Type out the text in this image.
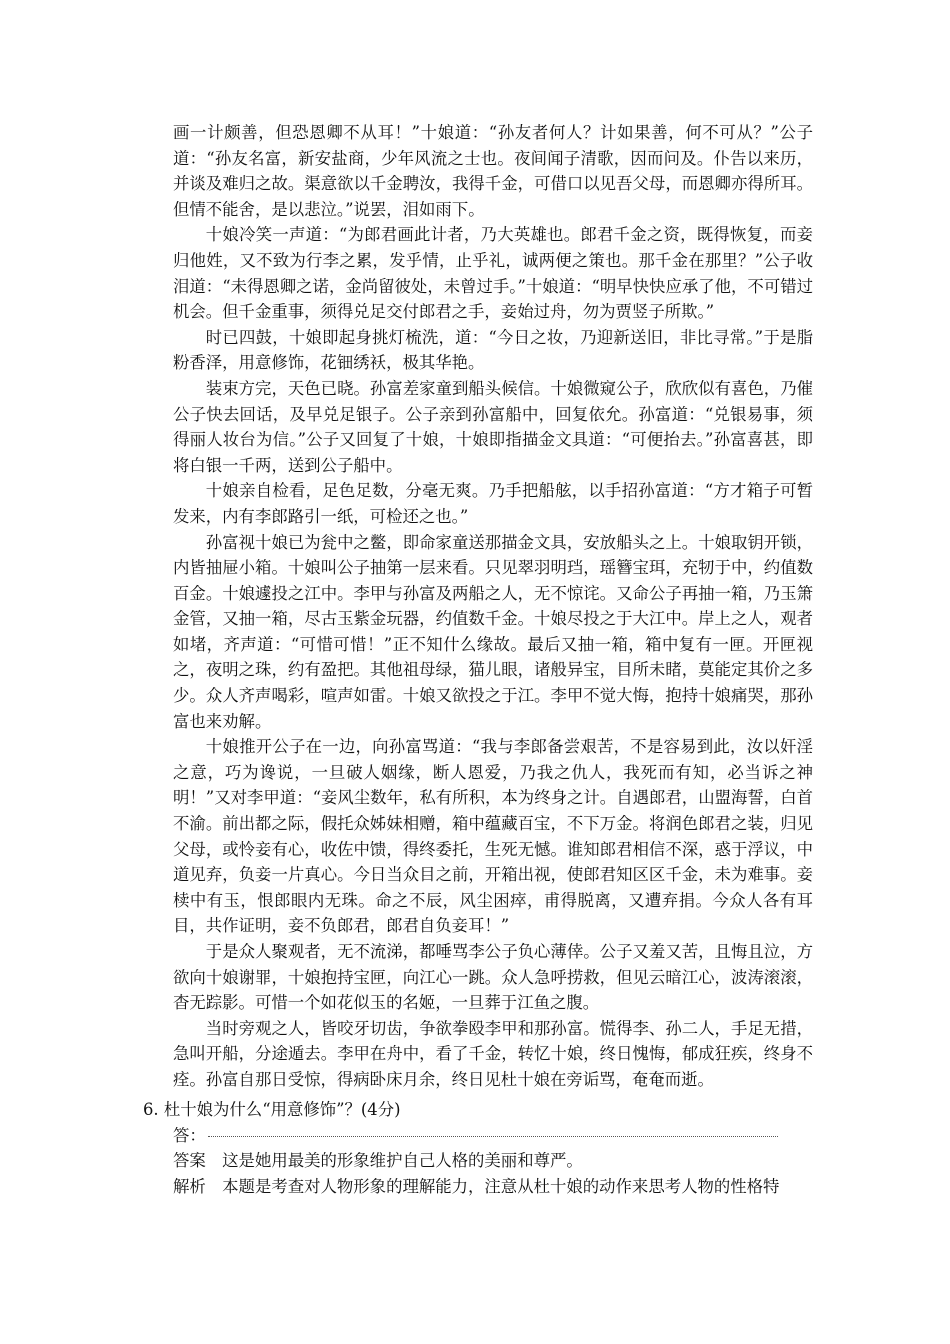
画一计颇善，但恐恩卿不从耳！”十娘道：“孙友者何人？计如果善，何不可从？”公子道：“孙友名富，新安盐商，少年风流之士也。夜间闻子清歌，因而问及。仆告以来历，并谈及难归之故。渠意欲以千金聘汝，我得千金，可借口以见吾父母，而恩卿亦得所耳。但情不能舍，是以悲泣。”说罢，泪如雨下。

十娘冷笑一声道：“为郎君画此计者，乃大英雄也。郎君千金之资，既得恢复，而妾归他姓，又不致为行李之累，发乎情，止乎礼，诚两便之策也。那千金在那里？”公子收泪道：“未得恩卿之诺，金尚留彼处，未曾过手。”十娘道：“明早快快应承了他，不可错过机会。但千金重事，须得兑足交付郎君之手，妾始过舟，勿为贾竖子所欺。”

时已四鼓，十娘即起身挑灯梳洗，道：“今日之妆，乃迎新送旧，非比寻常。”于是脂粉香泽，用意修饰，花钿绣袄，极其华艳。

装束方完，天色已晓。孙富差家童到船头候信。十娘微窥公子，欣欣似有喜色，乃催公子快去回话，及早兑足银子。公子亲到孙富船中，回复依允。孙富道：“兑银易事，须得丽人妆台为信。”公子又回复了十娘，十娘即指描金文具道：“可便抬去。”孙富喜甚，即将白银一千两，送到公子船中。

十娘亲自检看，足色足数，分毫无爽。乃手把船舷，以手招孙富道：“方才箱子可暂发来，内有李郎路引一纸，可检还之也。”

孙富视十娘已为瓮中之鳖，即命家童送那描金文具，安放船头之上。十娘取钥开锁，内皆抽屉小箱。十娘叫公子抽第一层来看。只见翠羽明珰，瑶簪宝珥，充牣于中，约值数百金。十娘遽投之江中。李甲与孙富及两船之人，无不惊诧。又命公子再抽一箱，乃玉箫金管，又抽一箱，尽古玉紫金玩器，约值数千金。十娘尽投之于大江中。岸上之人，观者如堵，齐声道：“可惜可惜！”正不知什么缘故。最后又抽一箱，箱中复有一匣。开匣视之，夜明之珠，约有盈把。其他祖母绿，猫儿眼，诸般异宝，目所未睹，莫能定其价之多少。众人齐声喝彩，喧声如雷。十娘又欲投之于江。李甲不觉大悔，抱持十娘痛哭，那孙富也来劝解。

十娘推开公子在一边，向孙富骂道：“我与李郎备尝艰苦，不是容易到此，汝以奸淫之意，巧为谗说，一旦破人姻缘，断人恩爱，乃我之仇人，我死而有知，必当诉之神明！”又对李甲道：“妾风尘数年，私有所积，本为终身之计。自遇郎君，山盟海誓，白首不渝。前出都之际，假托众姊妹相赠，箱中蕴藏百宝，不下万金。将润色郎君之装，归见父母，或怜妾有心，收佐中馈，得终委托，生死无憾。谁知郎君相信不深，惑于浮议，中道见弃，负妾一片真心。今日当众目之前，开箱出视，使郎君知区区千金，未为难事。妾椟中有玉，恨郎眼内无珠。命之不辰，风尘困瘁，甫得脱离，又遭弃捐。今众人各有耳目，共作证明，妾不负郎君，郎君自负妾耳！”

于是众人聚观者，无不流涕，都唾骂李公子负心薄倖。公子又羞又苦，且悔且泣，方欲向十娘谢罪，十娘抱持宝匣，向江心一跳。众人急呼捞救，但见云暗江心，波涛滚滚，杳无踪影。可惜一个如花似玉的名姬，一旦葬于江鱼之腹。

当时旁观之人，皆咬牙切齿，争欲拳殴李甲和那孙富。慌得李、孙二人，手足无措，急叫开船，分途遁去。李甲在舟中，看了千金，转忆十娘，终日愧悔，郁成狂疾，终身不痊。孙富自那日受惊，得病卧床月余，终日见杜十娘在旁诟骂，奄奄而逝。

6. 杜十娘为什么“用意修饰”？(4分)

答：

答案 这是她用最美的形象维护自己人格的美丽和尊严。

解析 本题是考查对人物形象的理解能力，注意从杜十娘的动作来思考人物的性格特
